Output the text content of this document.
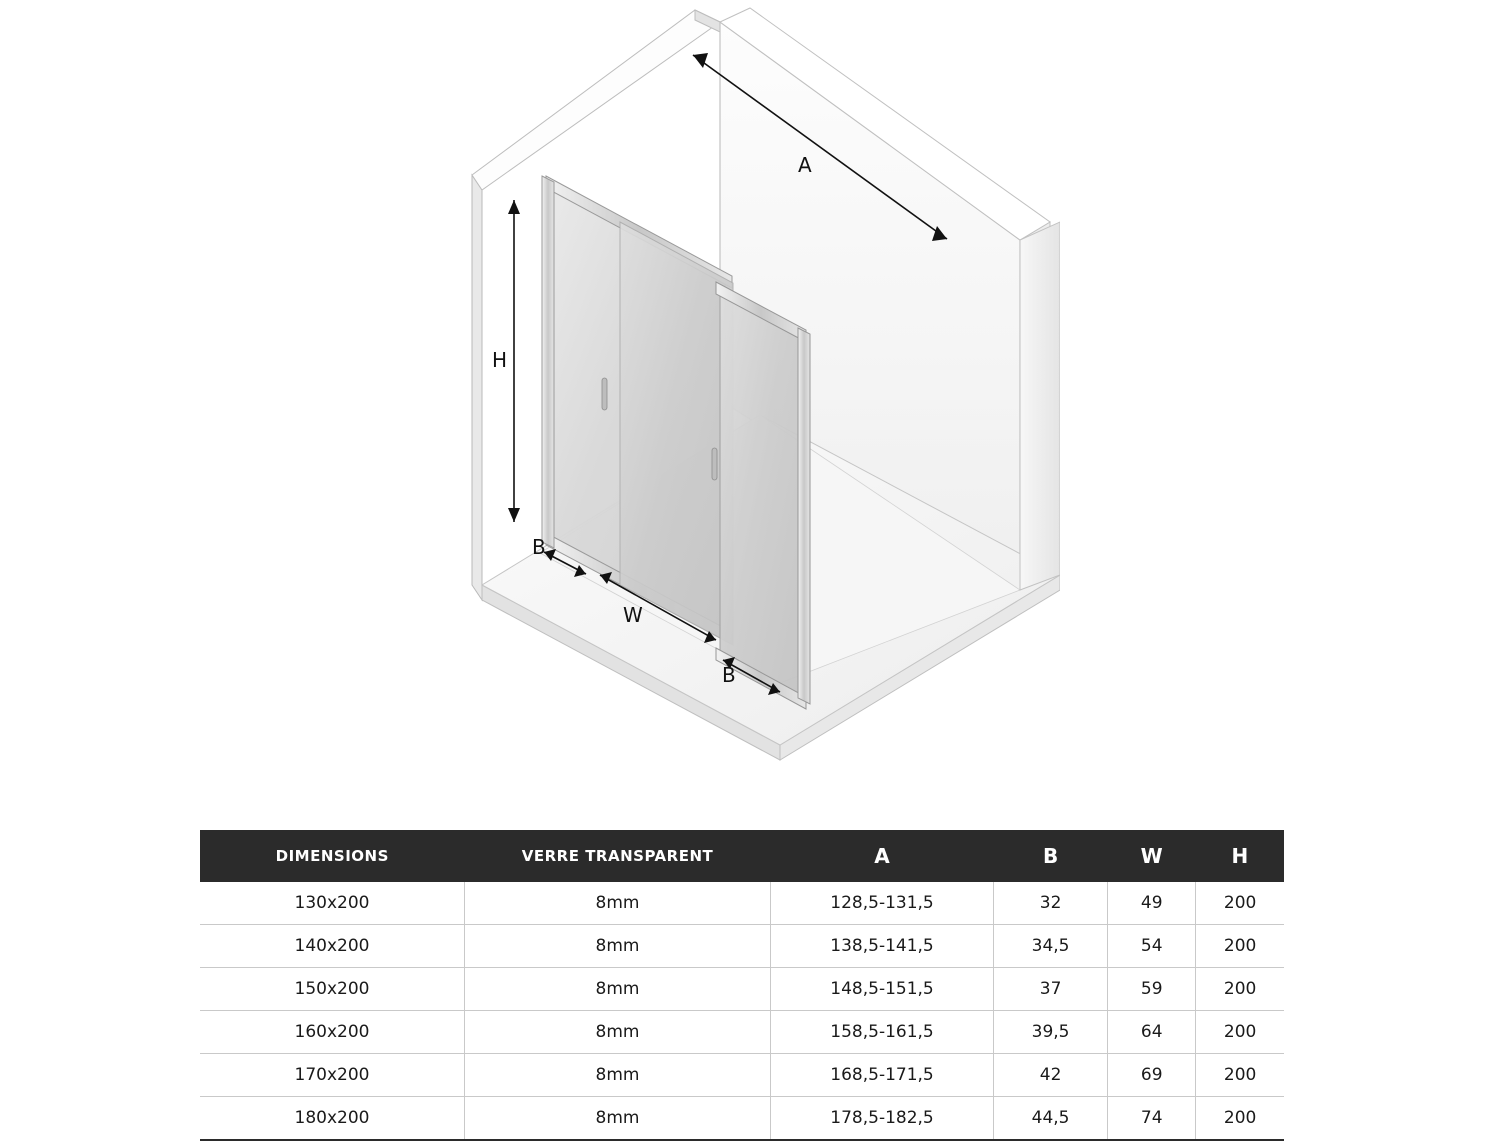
A
H
B
W
B
DIMENSIONS	VERRE TRANSPARENT	A	B	W	H
130x200	8mm	128,5-131,5	32	49	200
140x200	8mm	138,5-141,5	34,5	54	200
150x200	8mm	148,5-151,5	37	59	200
160x200	8mm	158,5-161,5	39,5	64	200
170x200	8mm	168,5-171,5	42	69	200
180x200	8mm	178,5-182,5	44,5	74	200
